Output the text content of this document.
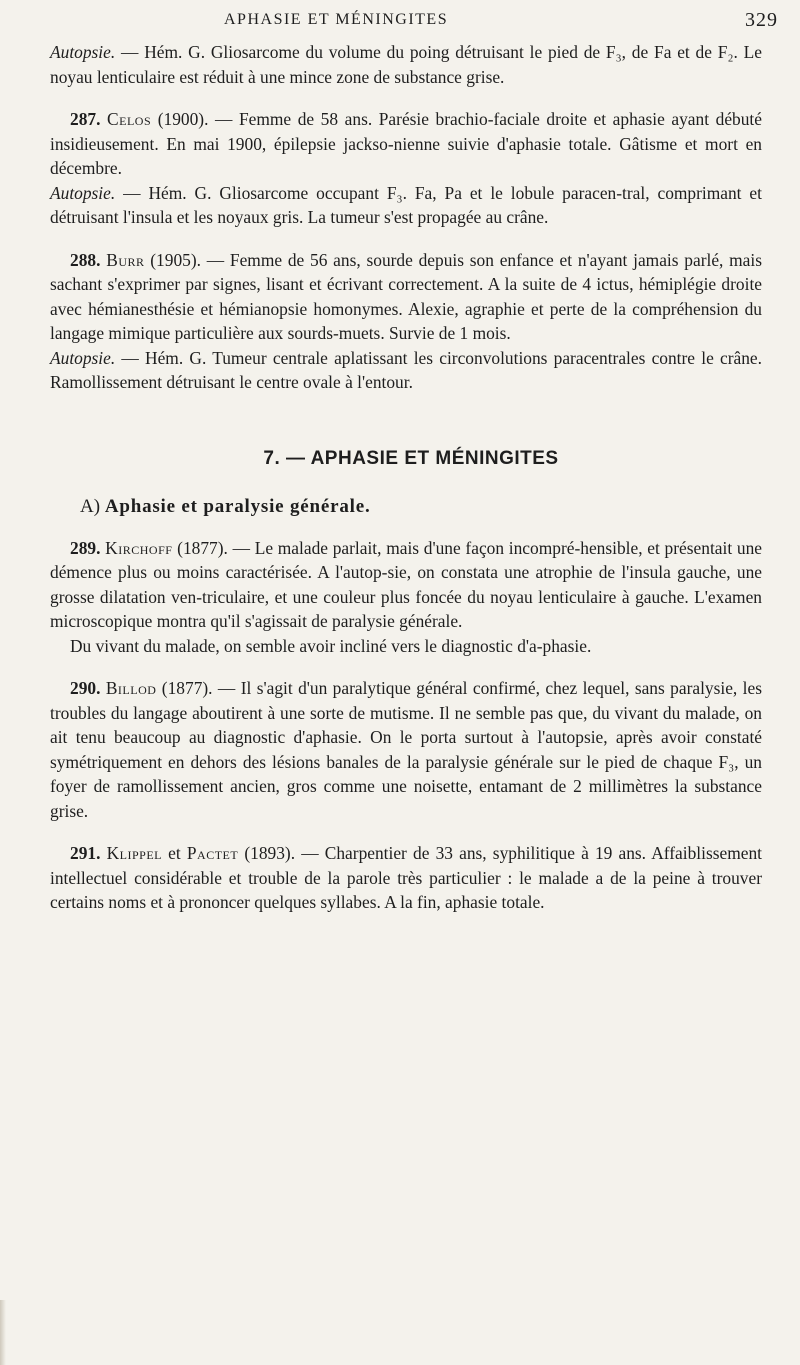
APHASIE ET MÉNINGITES	329

Autopsie. — Hém. G. Gliosarcome du volume du poing détruisant le pied de F₃, de Fa et de F₂. Le noyau lenticulaire est réduit à une mince zone de substance grise.

287. Celos (1900). — Femme de 58 ans. Parésie brachio-faciale droite et aphasie ayant débuté insidieusement. En mai 1900, épilepsie jackso-nienne suivie d'aphasie totale. Gâtisme et mort en décembre.

Autopsie. — Hém. G. Gliosarcome occupant F₃. Fa, Pa et le lobule paracen-tral, comprimant et détruisant l'insula et les noyaux gris. La tumeur s'est propagée au crâne.

288. Burr (1905). — Femme de 56 ans, sourde depuis son enfance et n'ayant jamais parlé, mais sachant s'exprimer par signes, lisant et écrivant correctement. A la suite de 4 ictus, hémiplégie droite avec hémianesthésie et hémianopsie homonymes. Alexie, agraphie et perte de la compréhension du langage mimique particulière aux sourds-muets. Survie de 1 mois.

Autopsie. — Hém. G. Tumeur centrale aplatissant les circonvolutions paracentrales contre le crâne. Ramollissement détruisant le centre ovale à l'entour.

7. — APHASIE ET MÉNINGITES

A) Aphasie et paralysie générale.

289. Kirchoff (1877). — Le malade parlait, mais d'une façon incompré-hensible, et présentait une démence plus ou moins caractérisée. A l'autop-sie, on constata une atrophie de l'insula gauche, une grosse dilatation ven-triculaire, et une couleur plus foncée du noyau lenticulaire à gauche. L'examen microscopique montra qu'il s'agissait de paralysie générale.

Du vivant du malade, on semble avoir incliné vers le diagnostic d'a-phasie.

290. Billod (1877). — Il s'agit d'un paralytique général confirmé, chez lequel, sans paralysie, les troubles du langage aboutirent à une sorte de mutisme. Il ne semble pas que, du vivant du malade, on ait tenu beaucoup au diagnostic d'aphasie. On le porta surtout à l'autopsie, après avoir constaté symétriquement en dehors des lésions banales de la paralysie générale sur le pied de chaque F₃, un foyer de ramollissement ancien, gros comme une noisette, entamant de 2 millimètres la substance grise.

291. Klippel et Pactet (1893). — Charpentier de 33 ans, syphilitique à 19 ans. Affaiblissement intellectuel considérable et trouble de la parole très particulier : le malade a de la peine à trouver certains noms et à prononcer quelques syllabes. A la fin, aphasie totale.
